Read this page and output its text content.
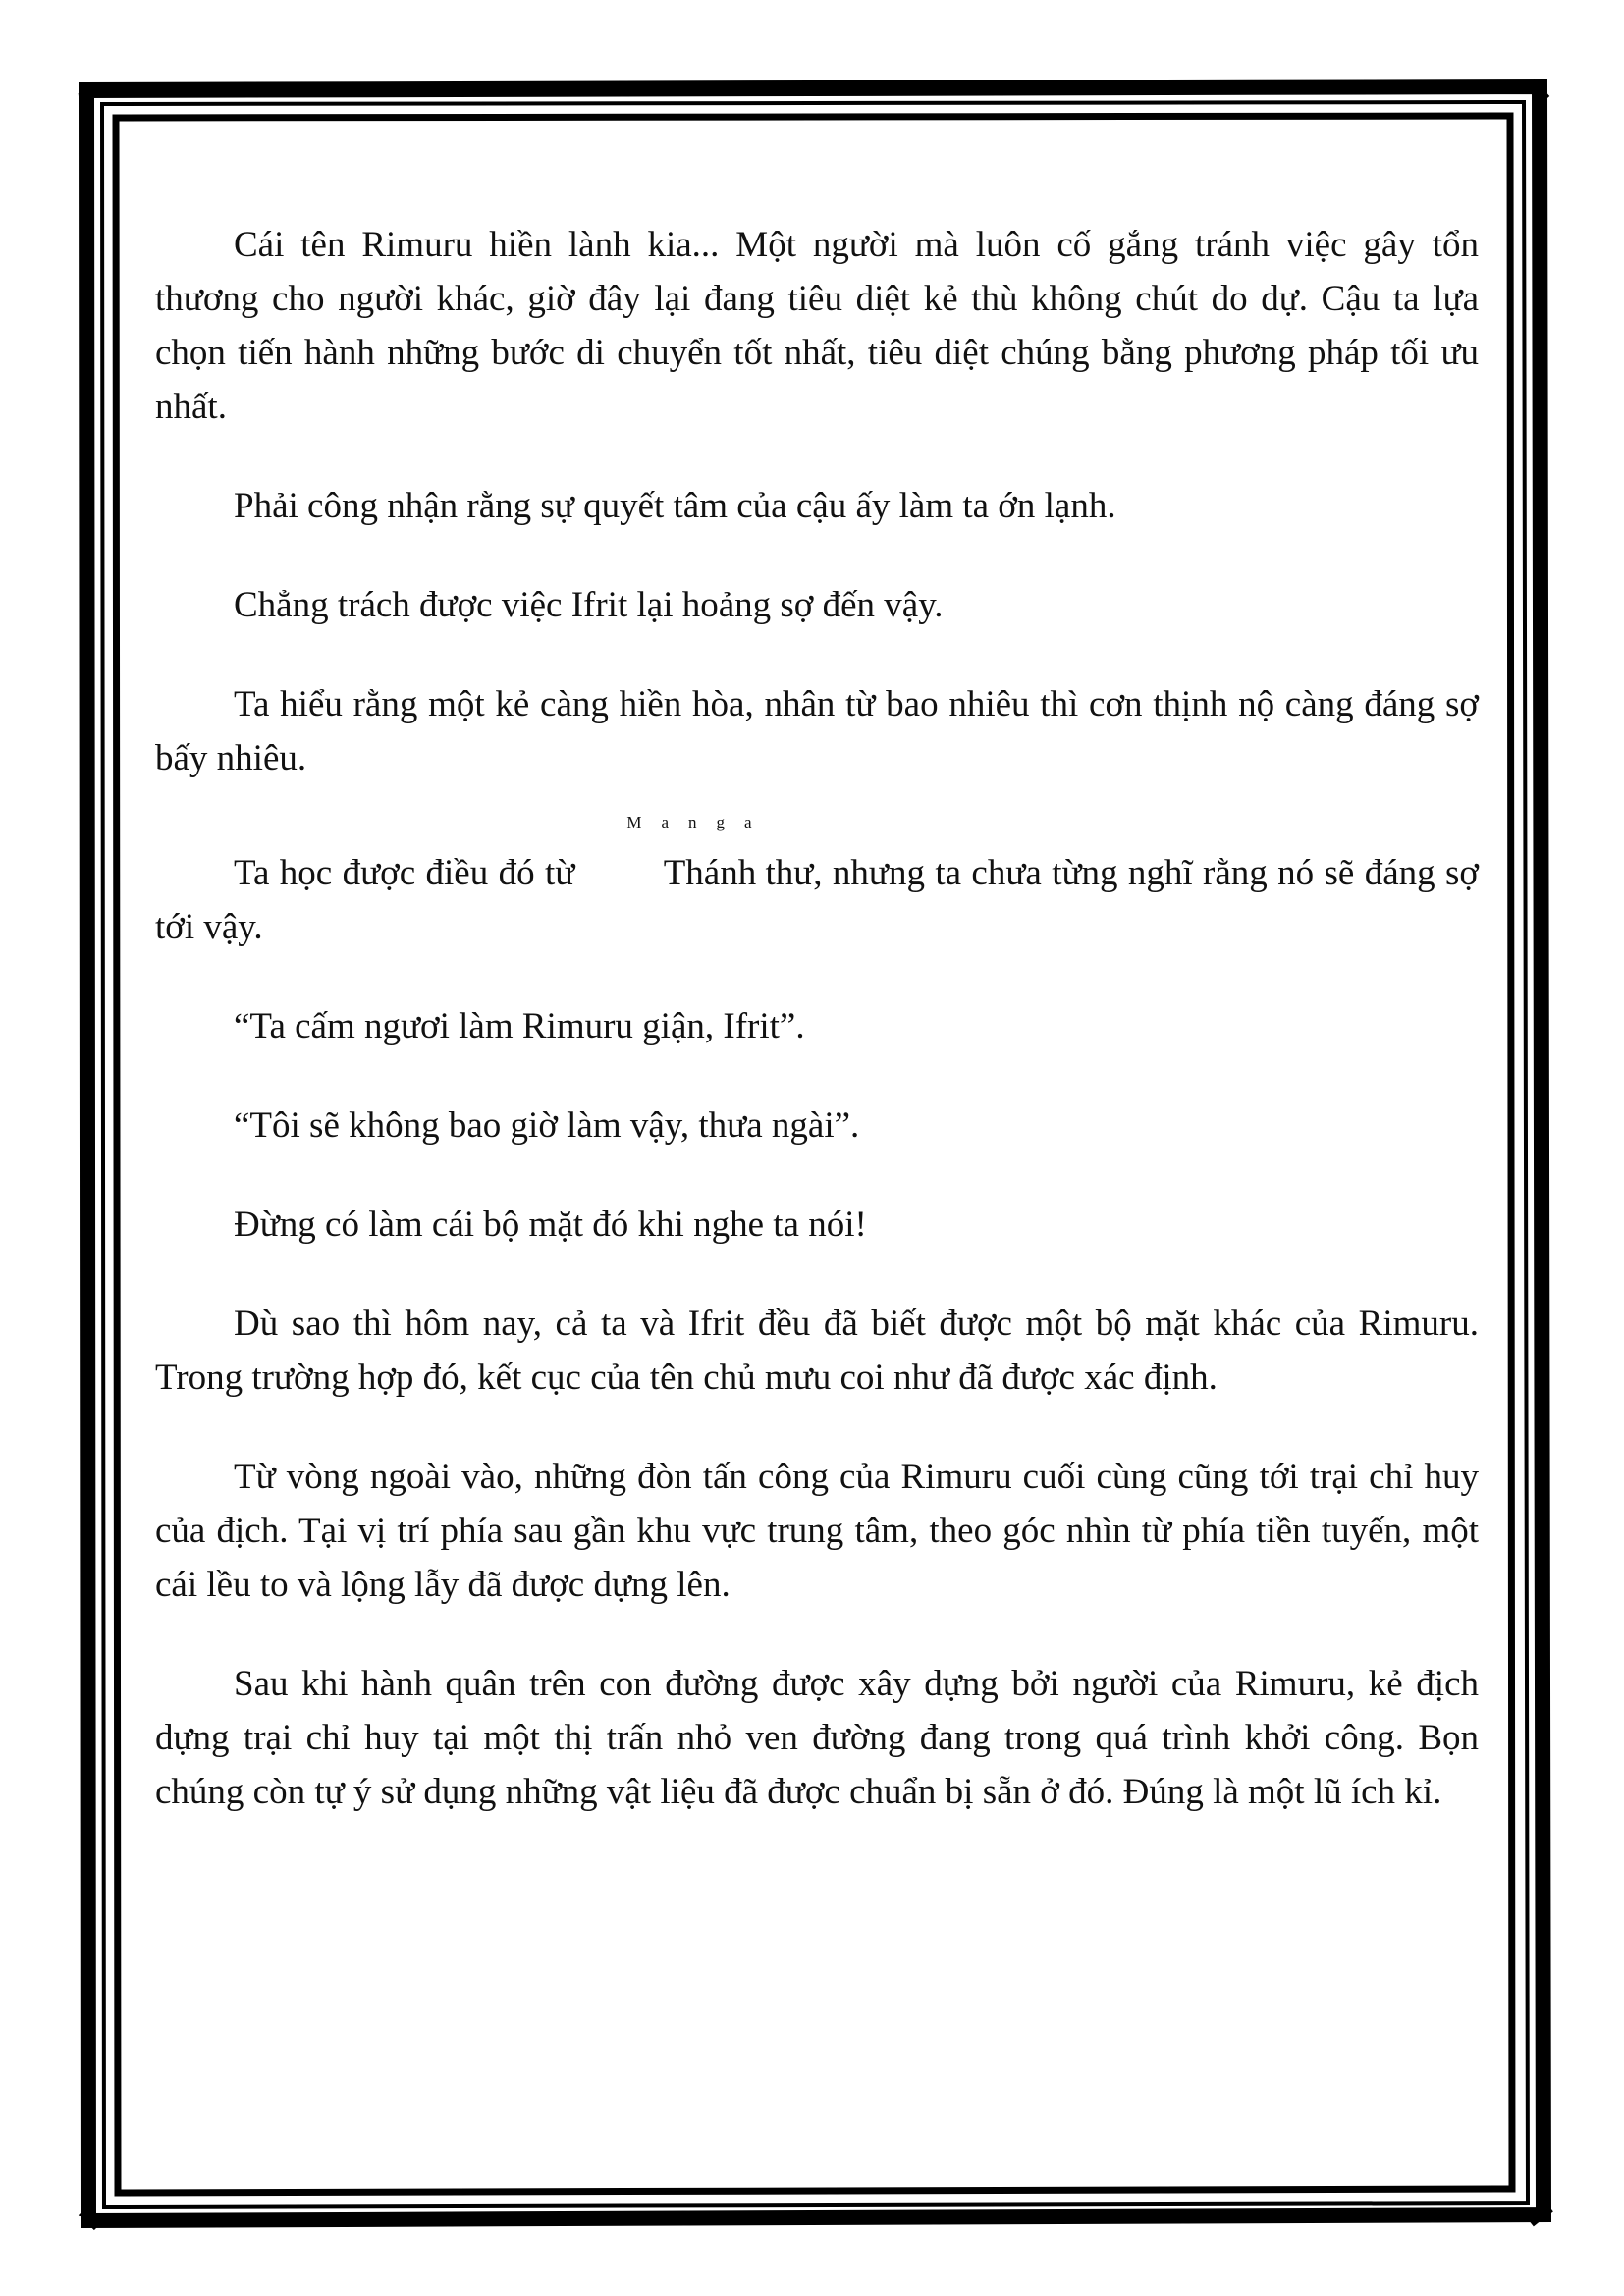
Cái tên Rimuru hiền lành kia... Một người mà luôn cố gắng tránh việc gây tổn thương cho người khác, giờ đây lại đang tiêu diệt kẻ thù không chút do dự. Cậu ta lựa chọn tiến hành những bước di chuyển tốt nhất, tiêu diệt chúng bằng phương pháp tối ưu nhất.

Phải công nhận rằng sự quyết tâm của cậu ấy làm ta ớn lạnh.

Chẳng trách được việc Ifrit lại hoảng sợ đến vậy.

Ta hiểu rằng một kẻ càng hiền hòa, nhân từ bao nhiêu thì cơn thịnh nộ càng đáng sợ bấy nhiêu.

Ta học được điều đó từ
Manga
Thánh thư, nhưng ta chưa từng nghĩ rằng nó sẽ đáng sợ tới vậy.

“Ta cấm ngươi làm Rimuru giận, Ifrit”.

“Tôi sẽ không bao giờ làm vậy, thưa ngài”.

Đừng có làm cái bộ mặt đó khi nghe ta nói!

Dù sao thì hôm nay, cả ta và Ifrit đều đã biết được một bộ mặt khác của Rimuru. Trong trường hợp đó, kết cục của tên chủ mưu coi như đã được xác định.

Từ vòng ngoài vào, những đòn tấn công của Rimuru cuối cùng cũng tới trại chỉ huy của địch. Tại vị trí phía sau gần khu vực trung tâm, theo góc nhìn từ phía tiền tuyến, một cái lều to và lộng lẫy đã được dựng lên.

Sau khi hành quân trên con đường được xây dựng bởi người của Rimuru, kẻ địch dựng trại chỉ huy tại một thị trấn nhỏ ven đường đang trong quá trình khởi công. Bọn chúng còn tự ý sử dụng những vật liệu đã được chuẩn bị sẵn ở đó. Đúng là một lũ ích kỉ.
